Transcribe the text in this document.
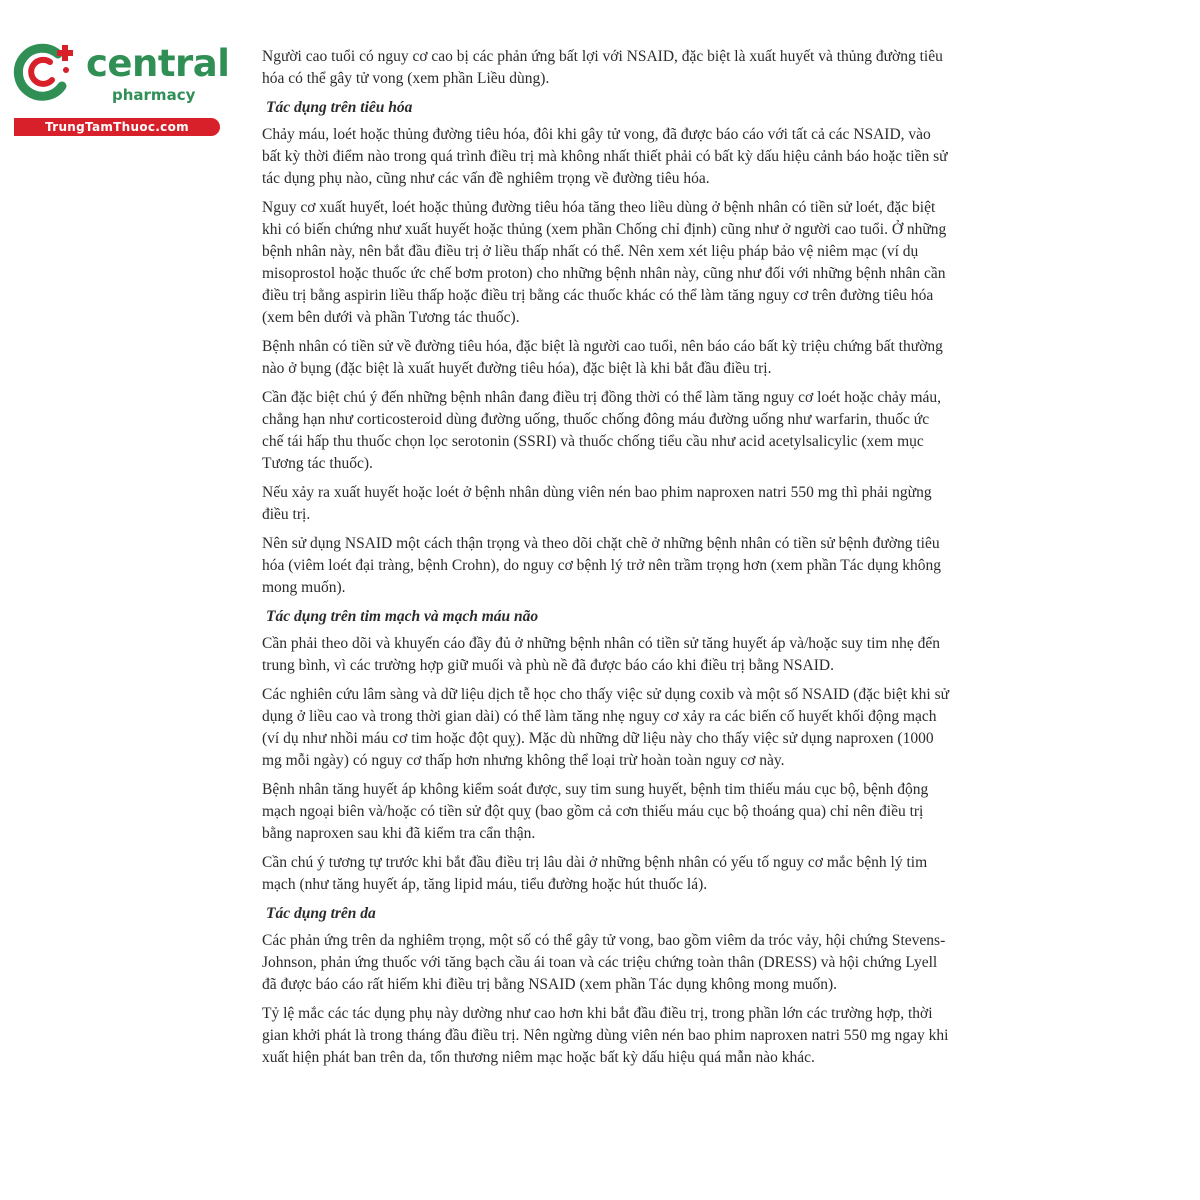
central
pharmacy
TrungTamThuoc.com

Người cao tuổi có nguy cơ cao bị các phản ứng bất lợi với NSAID, đặc biệt là xuất huyết và thủng đường tiêu hóa có thể gây tử vong (xem phần Liều dùng).

Tác dụng trên tiêu hóa

Chảy máu, loét hoặc thủng đường tiêu hóa, đôi khi gây tử vong, đã được báo cáo với tất cả các NSAID, vào bất kỳ thời điểm nào trong quá trình điều trị mà không nhất thiết phải có bất kỳ dấu hiệu cảnh báo hoặc tiền sử tác dụng phụ nào, cũng như các vấn đề nghiêm trọng về đường tiêu hóa.

Nguy cơ xuất huyết, loét hoặc thủng đường tiêu hóa tăng theo liều dùng ở bệnh nhân có tiền sử loét, đặc biệt khi có biến chứng như xuất huyết hoặc thủng (xem phần Chống chỉ định) cũng như ở người cao tuổi. Ở những bệnh nhân này, nên bắt đầu điều trị ở liều thấp nhất có thể. Nên xem xét liệu pháp bảo vệ niêm mạc (ví dụ misoprostol hoặc thuốc ức chế bơm proton) cho những bệnh nhân này, cũng như đối với những bệnh nhân cần điều trị bằng aspirin liều thấp hoặc điều trị bằng các thuốc khác có thể làm tăng nguy cơ trên đường tiêu hóa (xem bên dưới và phần Tương tác thuốc).

Bệnh nhân có tiền sử về đường tiêu hóa, đặc biệt là người cao tuổi, nên báo cáo bất kỳ triệu chứng bất thường nào ở bụng (đặc biệt là xuất huyết đường tiêu hóa), đặc biệt là khi bắt đầu điều trị.

Cần đặc biệt chú ý đến những bệnh nhân đang điều trị đồng thời có thể làm tăng nguy cơ loét hoặc chảy máu, chẳng hạn như corticosteroid dùng đường uống, thuốc chống đông máu đường uống như warfarin, thuốc ức chế tái hấp thu thuốc chọn lọc serotonin (SSRI) và thuốc chống tiểu cầu như acid acetylsalicylic (xem mục Tương tác thuốc).

Nếu xảy ra xuất huyết hoặc loét ở bệnh nhân dùng viên nén bao phim naproxen natri 550 mg thì phải ngừng điều trị.

Nên sử dụng NSAID một cách thận trọng và theo dõi chặt chẽ ở những bệnh nhân có tiền sử bệnh đường tiêu hóa (viêm loét đại tràng, bệnh Crohn), do nguy cơ bệnh lý trở nên trầm trọng hơn (xem phần Tác dụng không mong muốn).

Tác dụng trên tim mạch và mạch máu não

Cần phải theo dõi và khuyến cáo đầy đủ ở những bệnh nhân có tiền sử tăng huyết áp và/hoặc suy tim nhẹ đến trung bình, vì các trường hợp giữ muối và phù nề đã được báo cáo khi điều trị bằng NSAID.

Các nghiên cứu lâm sàng và dữ liệu dịch tễ học cho thấy việc sử dụng coxib và một số NSAID (đặc biệt khi sử dụng ở liều cao và trong thời gian dài) có thể làm tăng nhẹ nguy cơ xảy ra các biến cố huyết khối động mạch (ví dụ như nhồi máu cơ tim hoặc đột quỵ). Mặc dù những dữ liệu này cho thấy việc sử dụng naproxen (1000 mg mỗi ngày) có nguy cơ thấp hơn nhưng không thể loại trừ hoàn toàn nguy cơ này.

Bệnh nhân tăng huyết áp không kiểm soát được, suy tim sung huyết, bệnh tim thiếu máu cục bộ, bệnh động mạch ngoại biên và/hoặc có tiền sử đột quỵ (bao gồm cả cơn thiếu máu cục bộ thoáng qua) chỉ nên điều trị bằng naproxen sau khi đã kiểm tra cẩn thận.

Cần chú ý tương tự trước khi bắt đầu điều trị lâu dài ở những bệnh nhân có yếu tố nguy cơ mắc bệnh lý tim mạch (như tăng huyết áp, tăng lipid máu, tiểu đường hoặc hút thuốc lá).

Tác dụng trên da

Các phản ứng trên da nghiêm trọng, một số có thể gây tử vong, bao gồm viêm da tróc vảy, hội chứng Stevens-Johnson, phản ứng thuốc với tăng bạch cầu ái toan và các triệu chứng toàn thân (DRESS) và hội chứng Lyell đã được báo cáo rất hiếm khi điều trị bằng NSAID (xem phần Tác dụng không mong muốn).

Tỷ lệ mắc các tác dụng phụ này dường như cao hơn khi bắt đầu điều trị, trong phần lớn các trường hợp, thời gian khởi phát là trong tháng đầu điều trị. Nên ngừng dùng viên nén bao phim naproxen natri 550 mg ngay khi xuất hiện phát ban trên da, tổn thương niêm mạc hoặc bất kỳ dấu hiệu quá mẫn nào khác.
